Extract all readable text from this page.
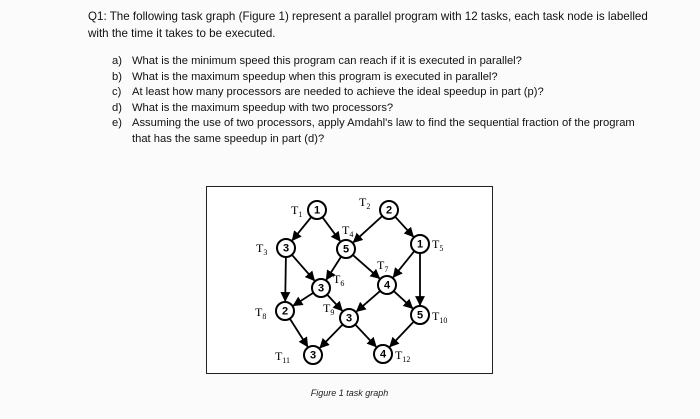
Q1: The following task graph (Figure 1) represent a parallel program with 12 tasks, each task node is labelled with the time it takes to be executed.
a) What is the minimum speed this program can reach if it is executed in parallel?
b) What is the maximum speedup when this program is executed in parallel?
c) At least how many processors are needed to achieve the ideal speedup in part (p)?
d) What is the maximum speedup with two processors?
e) Assuming the use of two processors, apply Amdahl's law to find the sequential fraction of the program that has the same speedup in part (d)?
1
$T_1$	2
$T_2$
3
$T_3$	5
$T_4$
1 $T_5$
3
$T_6$	4
$T_7$
2
$T_8$	3
$T_9$	5 $T_{10}$
3
$T_{11}$	4 $T_{12}$
Figure 1 task graph
